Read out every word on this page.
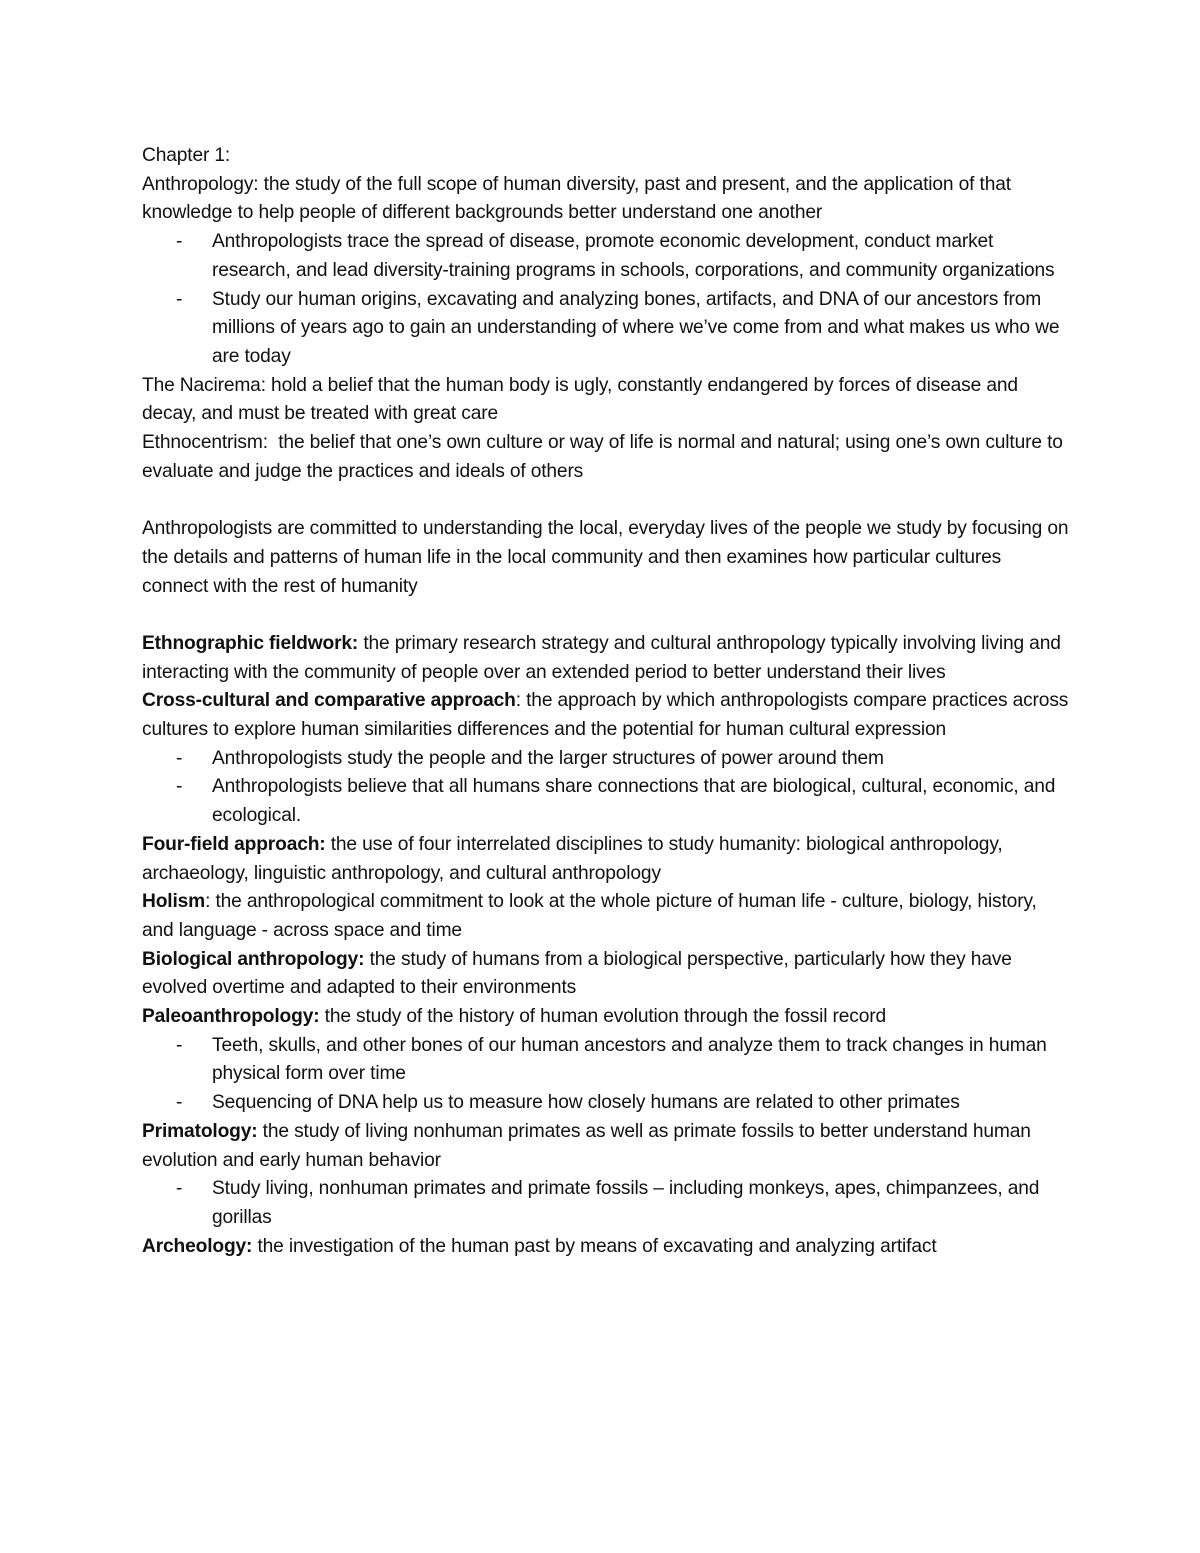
Chapter 1:

Anthropology: the study of the full scope of human diversity, past and present, and the application of that knowledge to help people of different backgrounds better understand one another

- Anthropologists trace the spread of disease, promote economic development, conduct market research, and lead diversity-training programs in schools, corporations, and community organizations

- Study our human origins, excavating and analyzing bones, artifacts, and DNA of our ancestors from millions of years ago to gain an understanding of where we’ve come from and what makes us who we are today

The Nacirema: hold a belief that the human body is ugly, constantly endangered by forces of disease and decay, and must be treated with great care

Ethnocentrism:  the belief that one’s own culture or way of life is normal and natural; using one’s own culture to evaluate and judge the practices and ideals of others

Anthropologists are committed to understanding the local, everyday lives of the people we study by focusing on the details and patterns of human life in the local community and then examines how particular cultures connect with the rest of humanity

Ethnographic fieldwork: the primary research strategy and cultural anthropology typically involving living and interacting with the community of people over an extended period to better understand their lives

Cross-cultural and comparative approach: the approach by which anthropologists compare practices across cultures to explore human similarities differences and the potential for human cultural expression

- Anthropologists study the people and the larger structures of power around them

- Anthropologists believe that all humans share connections that are biological, cultural, economic, and ecological.

Four-field approach: the use of four interrelated disciplines to study humanity: biological anthropology, archaeology, linguistic anthropology, and cultural anthropology

Holism: the anthropological commitment to look at the whole picture of human life - culture, biology, history, and language - across space and time

Biological anthropology: the study of humans from a biological perspective, particularly how they have evolved overtime and adapted to their environments

Paleoanthropology: the study of the history of human evolution through the fossil record

- Teeth, skulls, and other bones of our human ancestors and analyze them to track changes in human physical form over time

- Sequencing of DNA help us to measure how closely humans are related to other primates

Primatology: the study of living nonhuman primates as well as primate fossils to better understand human evolution and early human behavior

- Study living, nonhuman primates and primate fossils – including monkeys, apes, chimpanzees, and gorillas

Archeology: the investigation of the human past by means of excavating and analyzing artifact
